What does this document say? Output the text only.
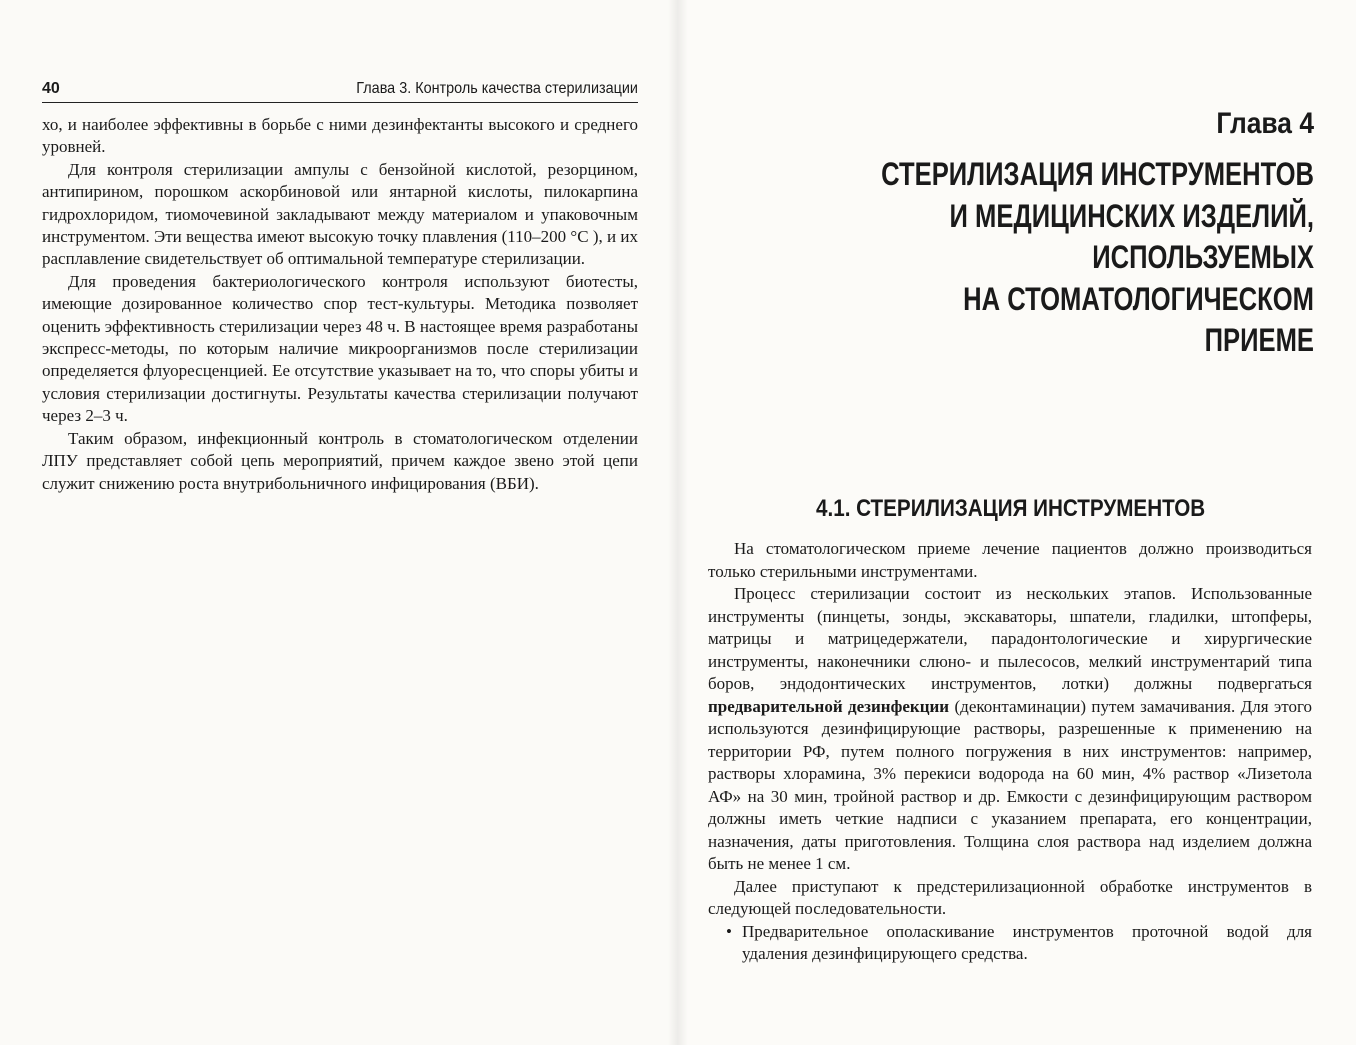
40	Глава 3. Контроль качества стерилизации

хо, и наиболее эффективны в борьбе с ними дезинфектанты высокого и среднего уровней.

Для контроля стерилизации ампулы с бензойной кислотой, резорцином, антипирином, порошком аскорбиновой или янтарной кислоты, пилокарпина гидрохлоридом, тиомочевиной закладывают между материалом и упаковочным инструментом. Эти вещества имеют высокую точку плавления (110–200 °С ), и их расплавление свидетельствует об оптимальной температуре стерилизации.

Для проведения бактериологического контроля используют биотесты, имеющие дозированное количество спор тест-культуры. Методика позволяет оценить эффективность стерилизации через 48 ч. В настоящее время разработаны экспресс-методы, по которым наличие микроорганизмов после стерилизации определяется флуоресценцией. Ее отсутствие указывает на то, что споры убиты и условия стерилизации достигнуты. Результаты качества стерилизации получают через 2–3 ч.

Таким образом, инфекционный контроль в стоматологическом отделении ЛПУ представляет собой цепь мероприятий, причем каждое звено этой цепи служит снижению роста внутрибольничного инфицирования (ВБИ).

Глава 4
СТЕРИЛИЗАЦИЯ ИНСТРУМЕНТОВ
И МЕДИЦИНСКИХ ИЗДЕЛИЙ,
ИСПОЛЬЗУЕМЫХ
НА СТОМАТОЛОГИЧЕСКОМ
ПРИЕМЕ
4.1. СТЕРИЛИЗАЦИЯ ИНСТРУМЕНТОВ

На стоматологическом приеме лечение пациентов должно производиться только стерильными инструментами.

Процесс стерилизации состоит из нескольких этапов. Использованные инструменты (пинцеты, зонды, экскаваторы, шпатели, гладилки, штопферы, матрицы и матрицедержатели, парадонтологические и хирургические инструменты, наконечники слюно- и пылесосов, мелкий инструментарий типа боров, эндодонтических инструментов, лотки) должны подвергаться предварительной дезинфекции (деконтаминации) путем замачивания. Для этого используются дезинфицирующие растворы, разрешенные к применению на территории РФ, путем полного погружения в них инструментов: например, растворы хлорамина, 3% перекиси водорода на 60 мин, 4% раствор «Лизетола АФ» на 30 мин, тройной раствор и др. Емкости с дезинфицирующим раствором должны иметь четкие надписи с указанием препарата, его концентрации, назначения, даты приготовления. Толщина слоя раствора над изделием должна быть не менее 1 см.

Далее приступают к предстерилизационной обработке инструментов в следующей последовательности.

• Предварительное ополаскивание инструментов проточной водой для удаления дезинфицирующего средства.
